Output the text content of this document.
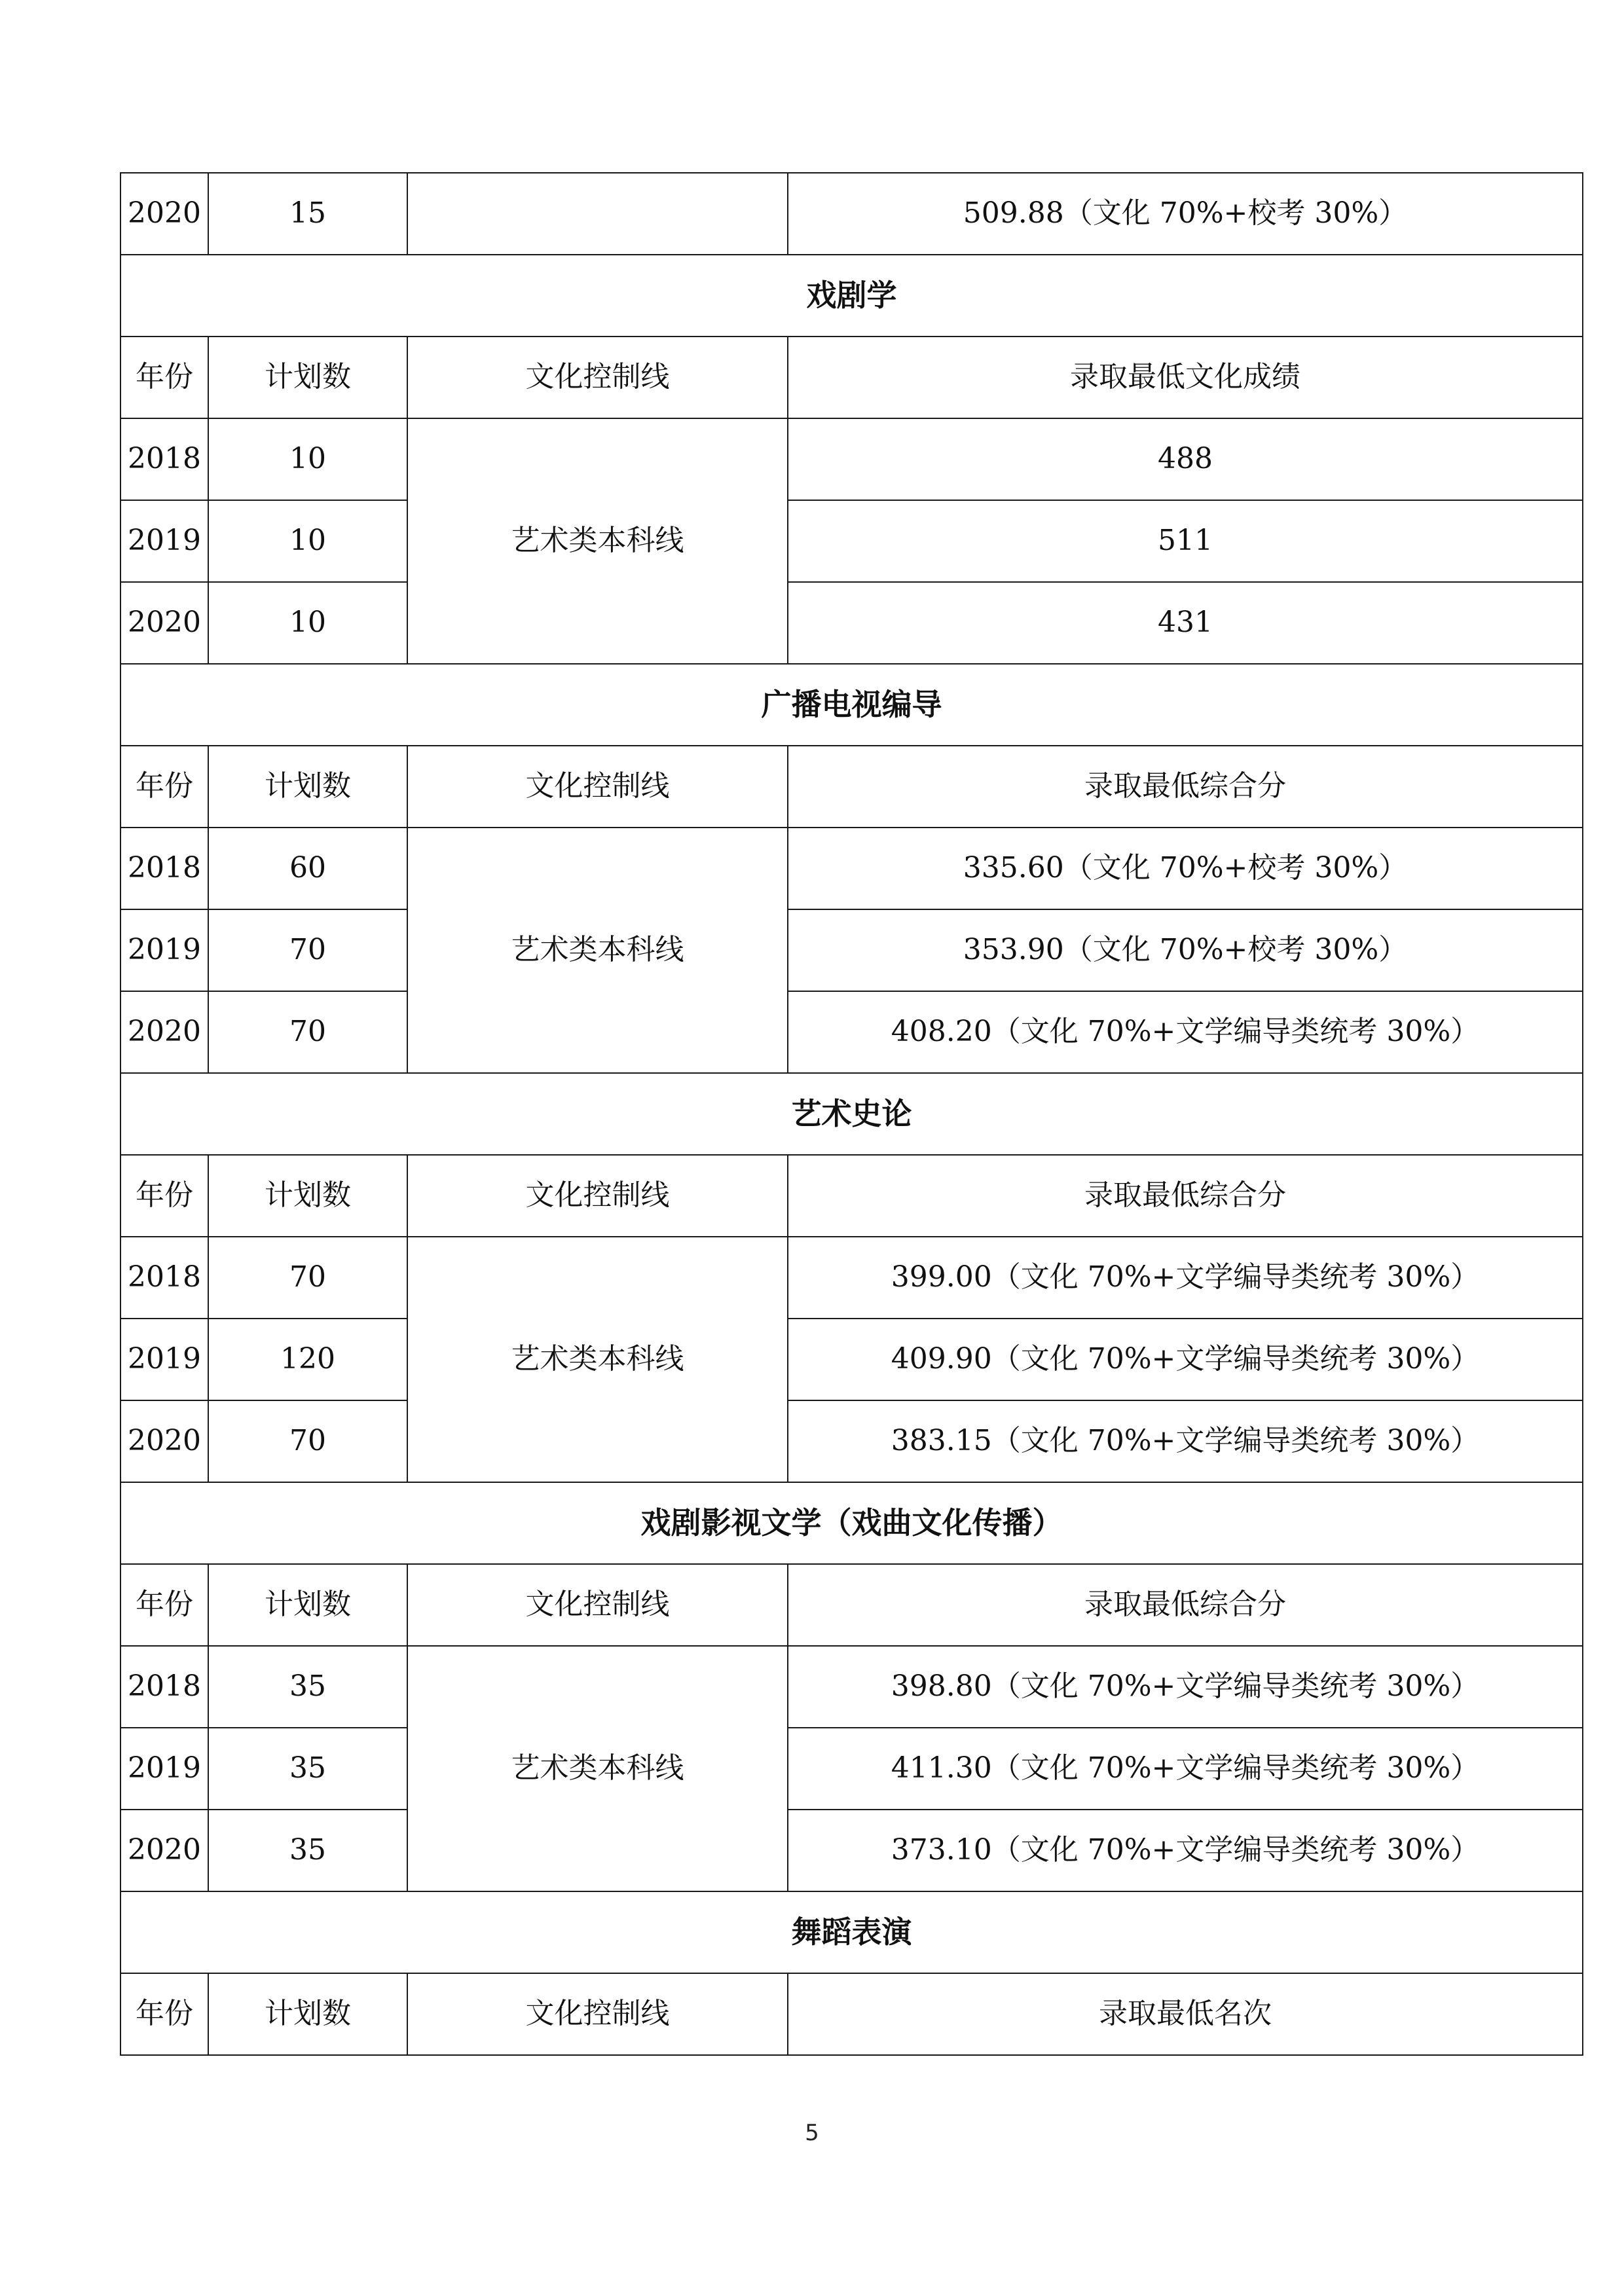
2020	15		509.88（文化 70%+校考 30%）
戏剧学			
年份	计划数	文化控制线	录取最低文化成绩
2018	10	艺术类本科线	488
2019	10		511
2020	10		431
广播电视编导			
年份	计划数	文化控制线	录取最低综合分
2018	60	艺术类本科线	335.60（文化 70%+校考 30%）
2019	70		353.90（文化 70%+校考 30%）
2020	70		408.20（文化 70%+文学编导类统考 30%）
艺术史论			
年份	计划数	文化控制线	录取最低综合分
2018	70	艺术类本科线	399.00（文化 70%+文学编导类统考 30%）
2019	120		409.90（文化 70%+文学编导类统考 30%）
2020	70		383.15（文化 70%+文学编导类统考 30%）
戏剧影视文学（戏曲文化传播）			
年份	计划数	文化控制线	录取最低综合分
2018	35	艺术类本科线	398.80（文化 70%+文学编导类统考 30%）
2019	35		411.30（文化 70%+文学编导类统考 30%）
2020	35		373.10（文化 70%+文学编导类统考 30%）
舞蹈表演			
年份	计划数	文化控制线	录取最低名次
5
